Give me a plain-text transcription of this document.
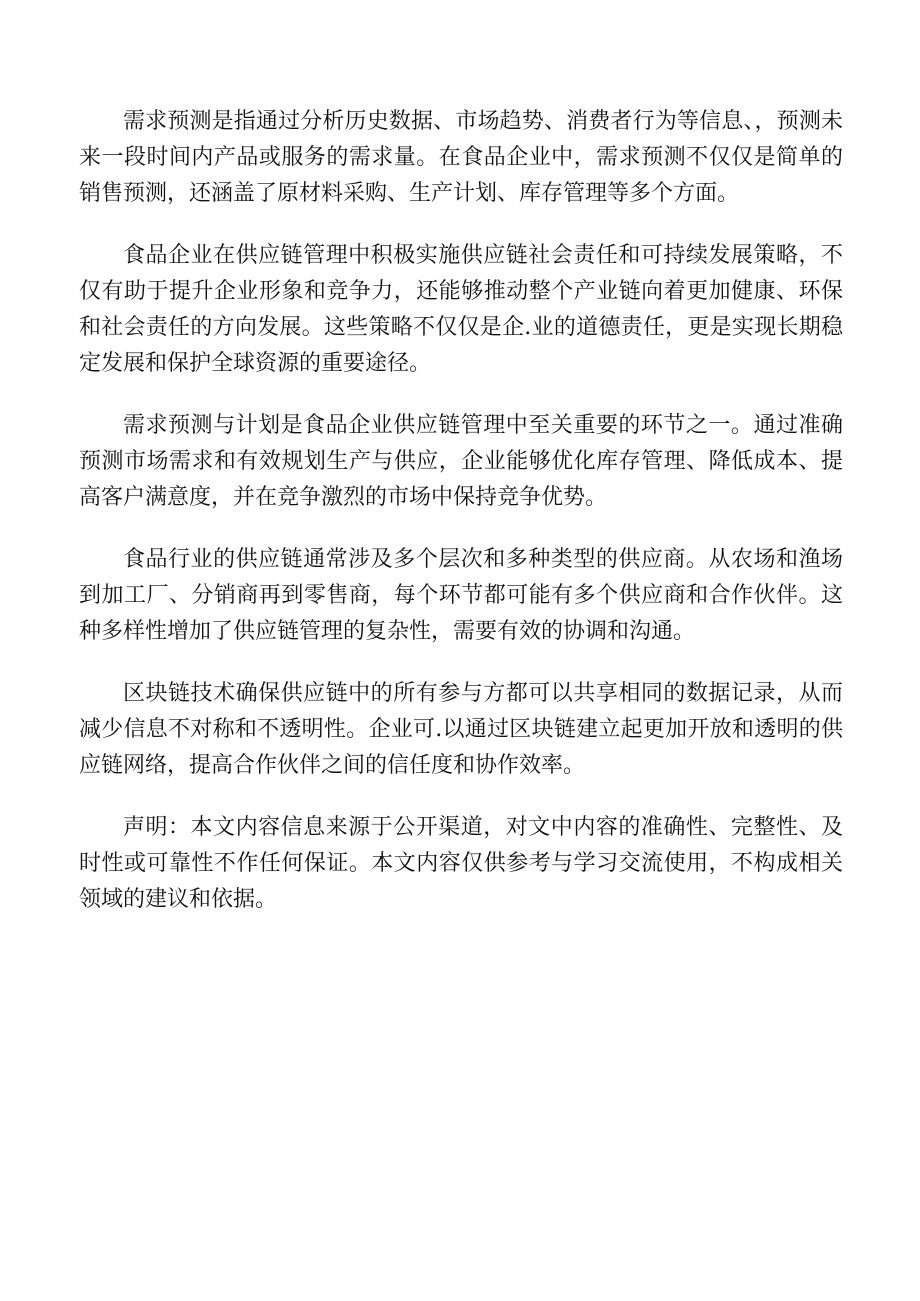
需求预测是指通过分析历史数据、市场趋势、消费者行为等信息、，预测未来一段时间内产品或服务的需求量。在食品企业中，需求预测不仅仅是简单的销售预测，还涵盖了原材料采购、生产计划、库存管理等多个方面。

食品企业在供应链管理中积极实施供应链社会责任和可持续发展策略，不仅有助于提升企业形象和竞争力，还能够推动整个产业链向着更加健康、环保和社会责任的方向发展。这些策略不仅仅是企.业的道德责任，更是实现长期稳定发展和保护全球资源的重要途径。

需求预测与计划是食品企业供应链管理中至关重要的环节之一。通过准确预测市场需求和有效规划生产与供应，企业能够优化库存管理、降低成本、提高客户满意度，并在竞争激烈的市场中保持竞争优势。

食品行业的供应链通常涉及多个层次和多种类型的供应商。从农场和渔场到加工厂、分销商再到零售商，每个环节都可能有多个供应商和合作伙伴。这种多样性增加了供应链管理的复杂性，需要有效的协调和沟通。

区块链技术确保供应链中的所有参与方都可以共享相同的数据记录，从而减少信息不对称和不透明性。企业可.以通过区块链建立起更加开放和透明的供应链网络，提高合作伙伴之间的信任度和协作效率。

声明：本文内容信息来源于公开渠道，对文中内容的准确性、完整性、及时性或可靠性不作任何保证。本文内容仅供参考与学习交流使用，不构成相关领域的建议和依据。
